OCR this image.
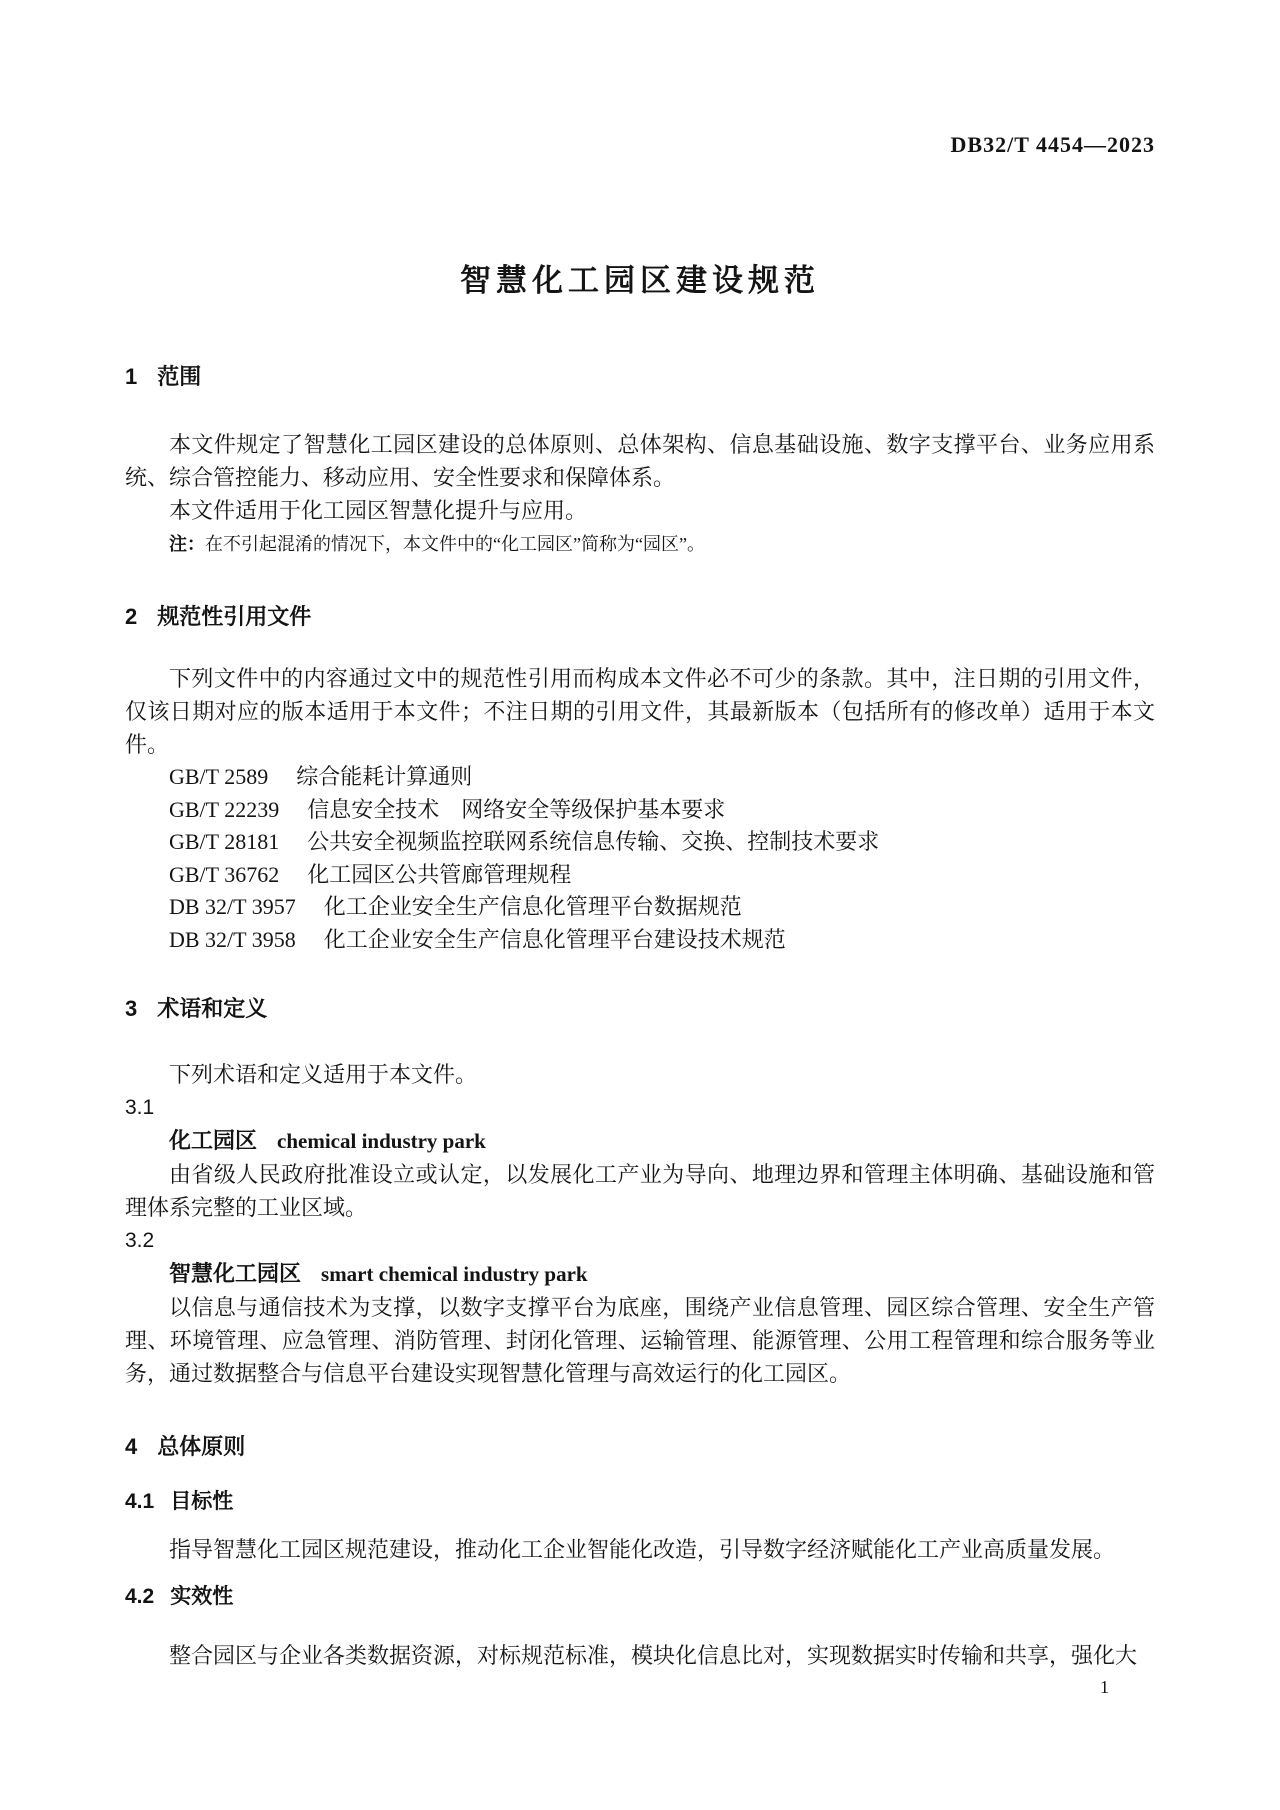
DB32/T 4454—2023
智慧化工园区建设规范
1 范围

本文件规定了智慧化工园区建设的总体原则、总体架构、信息基础设施、数字支撑平台、业务应用系统、综合管控能力、移动应用、安全性要求和保障体系。

本文件适用于化工园区智慧化提升与应用。

注：在不引起混淆的情况下，本文件中的“化工园区”简称为“园区”。

2 规范性引用文件

下列文件中的内容通过文中的规范性引用而构成本文件必不可少的条款。其中，注日期的引用文件，仅该日期对应的版本适用于本文件；不注日期的引用文件，其最新版本（包括所有的修改单）适用于本文件。

GB/T 2589 综合能耗计算通则
GB/T 22239 信息安全技术　网络安全等级保护基本要求
GB/T 28181 公共安全视频监控联网系统信息传输、交换、控制技术要求
GB/T 36762 化工园区公共管廊管理规程
DB 32/T 3957 化工企业安全生产信息化管理平台数据规范
DB 32/T 3958 化工企业安全生产信息化管理平台建设技术规范
3 术语和定义

下列术语和定义适用于本文件。

3.1
化工园区 chemical industry park

由省级人民政府批准设立或认定，以发展化工产业为导向、地理边界和管理主体明确、基础设施和管理体系完整的工业区域。

3.2
智慧化工园区 smart chemical industry park

以信息与通信技术为支撑，以数字支撑平台为底座，围绕产业信息管理、园区综合管理、安全生产管理、环境管理、应急管理、消防管理、封闭化管理、运输管理、能源管理、公用工程管理和综合服务等业务，通过数据整合与信息平台建设实现智慧化管理与高效运行的化工园区。

4 总体原则
4.1 目标性

指导智慧化工园区规范建设，推动化工企业智能化改造，引导数字经济赋能化工产业高质量发展。

4.2 实效性

整合园区与企业各类数据资源，对标规范标准，模块化信息比对，实现数据实时传输和共享，强化大

1
